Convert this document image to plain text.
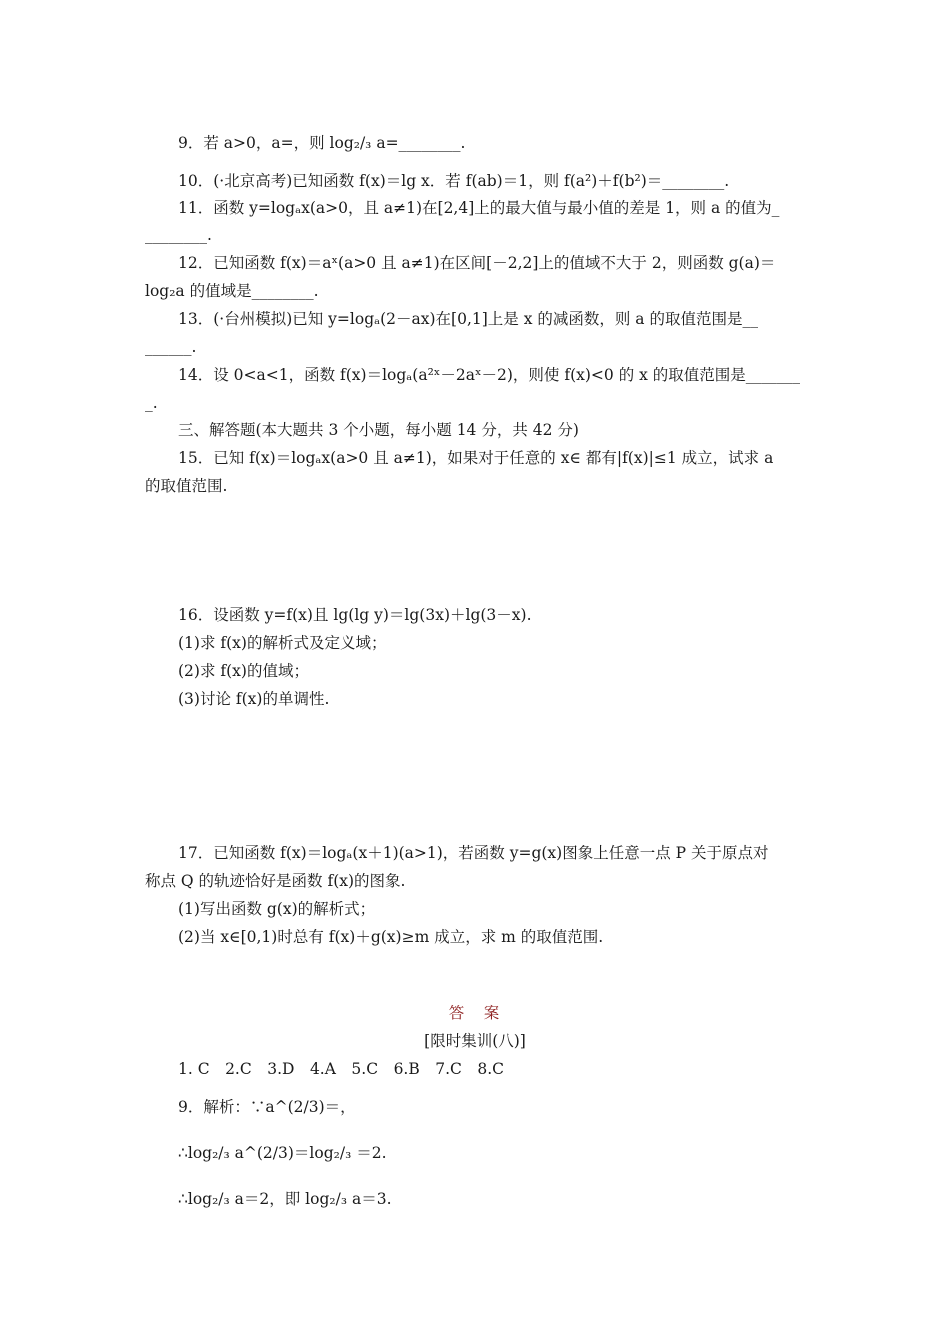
9．若 a>0，a=，则 log₂/₃ a=________.
10．(·北京高考)已知函数 f(x)＝lg x．若 f(ab)＝1，则 f(a²)＋f(b²)＝________.
11．函数 y=logₐx(a>0，且 a≠1)在[2,4]上的最大值与最小值的差是 1，则 a 的值为_
________.
12．已知函数 f(x)＝aˣ(a>0 且 a≠1)在区间[－2,2]上的值域不大于 2，则函数 g(a)＝
log₂a 的值域是________.
13．(·台州模拟)已知 y=logₐ(2－ax)在[0,1]上是 x 的减函数，则 a 的取值范围是__
______.
14．设 0<a<1，函数 f(x)＝logₐ(a²ˣ－2aˣ－2)，则使 f(x)<0 的 x 的取值范围是_______
_.
三、解答题(本大题共 3 个小题，每小题 14 分，共 42 分)
15．已知 f(x)＝logₐx(a>0 且 a≠1)，如果对于任意的 x∈ 都有|f(x)|≤1 成立，试求 a
的取值范围.
16．设函数 y=f(x)且 lg(lg y)＝lg(3x)＋lg(3－x).
(1)求 f(x)的解析式及定义域；
(2)求 f(x)的值域；
(3)讨论 f(x)的单调性.
17．已知函数 f(x)＝logₐ(x＋1)(a>1)，若函数 y=g(x)图象上任意一点 P 关于原点对
称点 Q 的轨迹恰好是函数 f(x)的图象.
(1)写出函数 g(x)的解析式；
(2)当 x∈[0,1)时总有 f(x)＋g(x)≥m 成立，求 m 的取值范围.
答　案
[限时集训(八)]
1. C　2.C　3.D　4.A　5.C　6.B　7.C　8.C
9．解析：∵a^(2/3)＝，
∴log₂/₃ a^(2/3)＝log₂/₃ ＝2.
∴log₂/₃ a＝2，即 log₂/₃ a＝3.
